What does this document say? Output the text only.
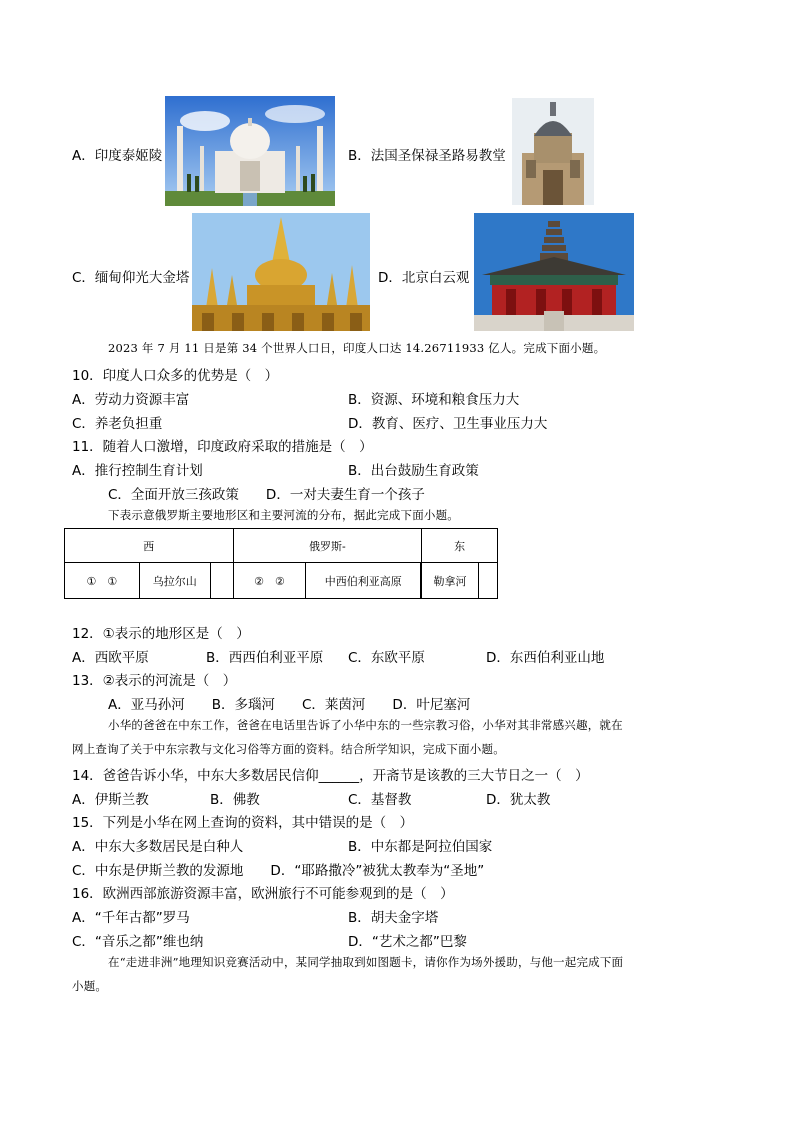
A．印度泰姬陵	B．法国圣保禄圣路易教堂
C．缅甸仰光大金塔	D．北京白云观
2023 年 7 月 11 日是第 34 个世界人口日，印度人口达 14.26711933 亿人。完成下面小题。
10．印度人口众多的优势是（　）
A．劳动力资源丰富	B．资源、环境和粮食压力大
C．养老负担重	D．教育、医疗、卫生事业压力大
11．随着人口激增，印度政府采取的措施是（　）
A．推行控制生育计划	B．出台鼓励生育政策
C．全面开放三孩政策　　D．一对夫妻生育一个孩子
下表示意俄罗斯主要地形区和主要河流的分布，据此完成下面小题。
西			俄罗斯-		东	
①　①	乌拉尔山		②　②	中西伯利亚高原		勒拿河	
12．①表示的地形区是（　）
A．西欧平原	B．西西伯利亚平原 C．东欧平原	D．东西伯利亚山地
13．②表示的河流是（　）
A．亚马孙河　　B．多瑙河　　C．莱茵河　　D．叶尼塞河
小华的爸爸在中东工作，爸爸在电话里告诉了小华中东的一些宗教习俗，小华对其非常感兴趣，就在
网上查询了关于中东宗教与文化习俗等方面的资料。结合所学知识，完成下面小题。
14．爸爸告诉小华，中东大多数居民信仰______，开斋节是该教的三大节日之一（　）
A．伊斯兰教	B．佛教	C．基督教	D．犹太教
15．下列是小华在网上查询的资料，其中错误的是（　）
A．中东大多数居民是白种人	B．中东都是阿拉伯国家
C．中东是伊斯兰教的发源地　　D．“耶路撒冷”被犹太教奉为“圣地”
16．欧洲西部旅游资源丰富，欧洲旅行不可能参观到的是（　）
A．“千年古都”罗马	B．胡夫金字塔
C．“音乐之都”维也纳	D．“艺术之都”巴黎
在“走进非洲”地理知识竞赛活动中，某同学抽取到如图题卡，请你作为场外援助，与他一起完成下面
小题。
